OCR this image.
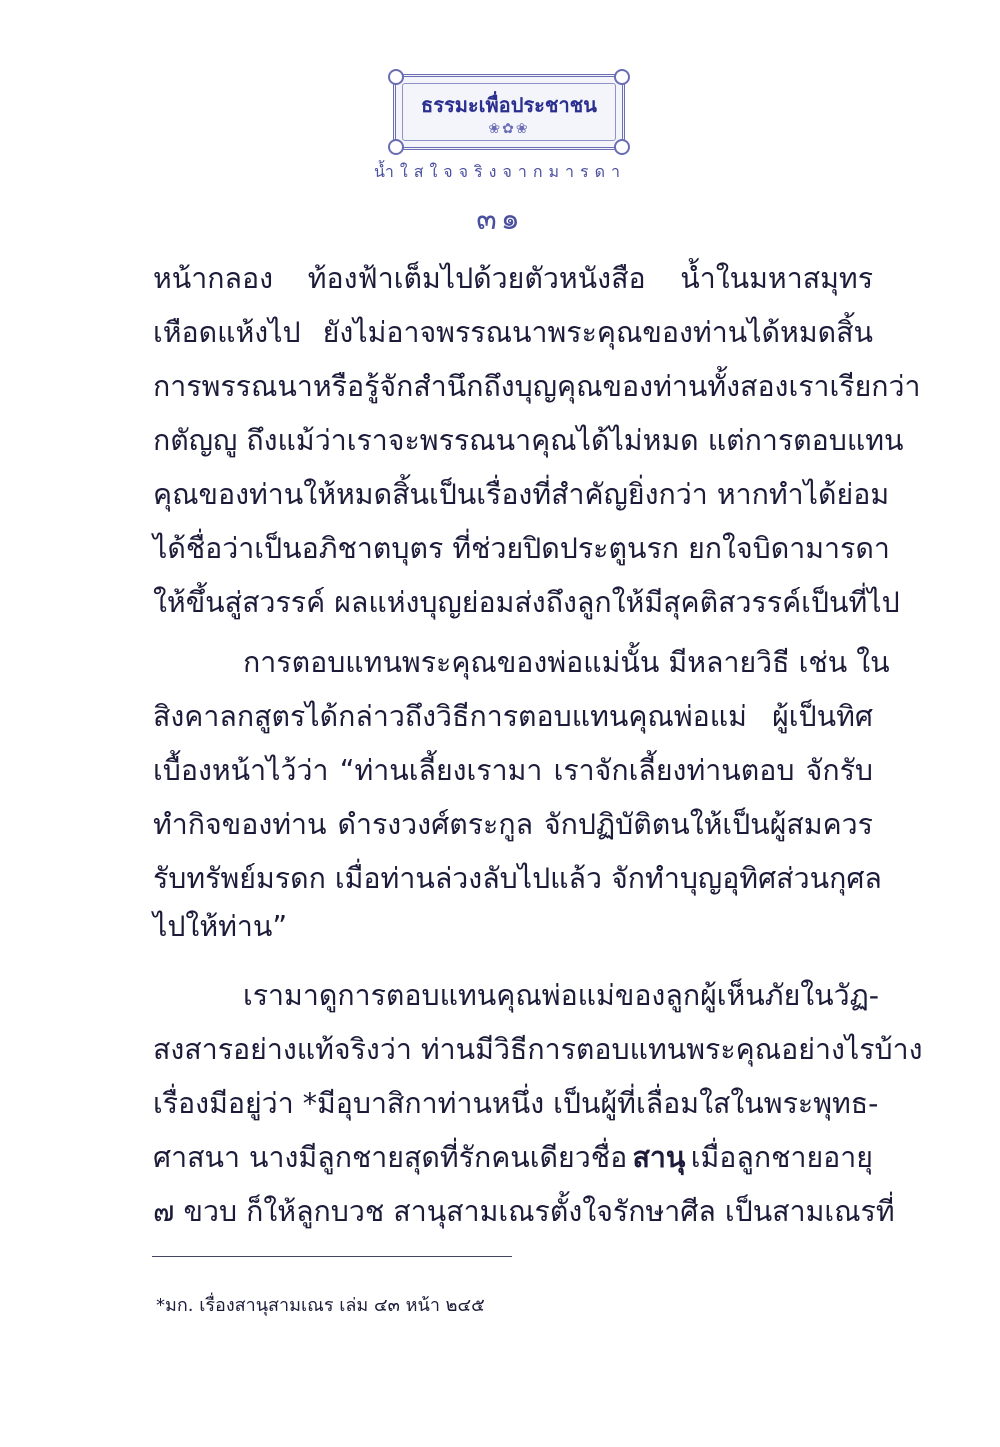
ธรรมะเพื่อประชาชน
❀✿❀
น้ำใสใจจริงจากมารดา
๓๑
หน้ากลอง ท้องฟ้าเต็มไปด้วยตัวหนังสือ น้ำในมหาสมุทร
เหือดแห้งไป ยังไม่อาจพรรณนาพระคุณของท่านได้หมดสิ้น
การพรรณนาหรือรู้จักสำนึกถึงบุญคุณของท่านทั้งสองเราเรียกว่า
กตัญญู ถึงแม้ว่าเราจะพรรณนาคุณได้ไม่หมด แต่การตอบแทน
คุณของท่านให้หมดสิ้นเป็นเรื่องที่สำคัญยิ่งกว่า หากทำได้ย่อม
ได้ชื่อว่าเป็นอภิชาตบุตร ที่ช่วยปิดประตูนรก ยกใจบิดามารดา
ให้ขึ้นสู่สวรรค์ ผลแห่งบุญย่อมส่งถึงลูกให้มีสุคติสวรรค์เป็นที่ไป
การตอบแทนพระคุณของพ่อแม่นั้น มีหลายวิธี เช่น ใน
สิงคาลกสูตรได้กล่าวถึงวิธีการตอบแทนคุณพ่อแม่ ผู้เป็นทิศ
เบื้องหน้าไว้ว่า “ท่านเลี้ยงเรามา เราจักเลี้ยงท่านตอบ จักรับ
ทำกิจของท่าน ดำรงวงศ์ตระกูล จักปฏิบัติตนให้เป็นผู้สมควร
รับทรัพย์มรดก เมื่อท่านล่วงลับไปแล้ว จักทำบุญอุทิศส่วนกุศล
ไปให้ท่าน”
เรามาดูการตอบแทนคุณพ่อแม่ของลูกผู้เห็นภัยในวัฏ-
สงสารอย่างแท้จริงว่า ท่านมีวิธีการตอบแทนพระคุณอย่างไรบ้าง
เรื่องมีอยู่ว่า *มีอุบาสิกาท่านหนึ่ง เป็นผู้ที่เลื่อมใสในพระพุทธ-
ศาสนา นางมีลูกชายสุดที่รักคนเดียวชื่อ สานุ เมื่อลูกชายอายุ
๗ ขวบ ก็ให้ลูกบวช สานุสามเณรตั้งใจรักษาศีล เป็นสามเณรที่
*มก. เรื่องสานุสามเณร เล่ม ๔๓ หน้า ๒๔๕
